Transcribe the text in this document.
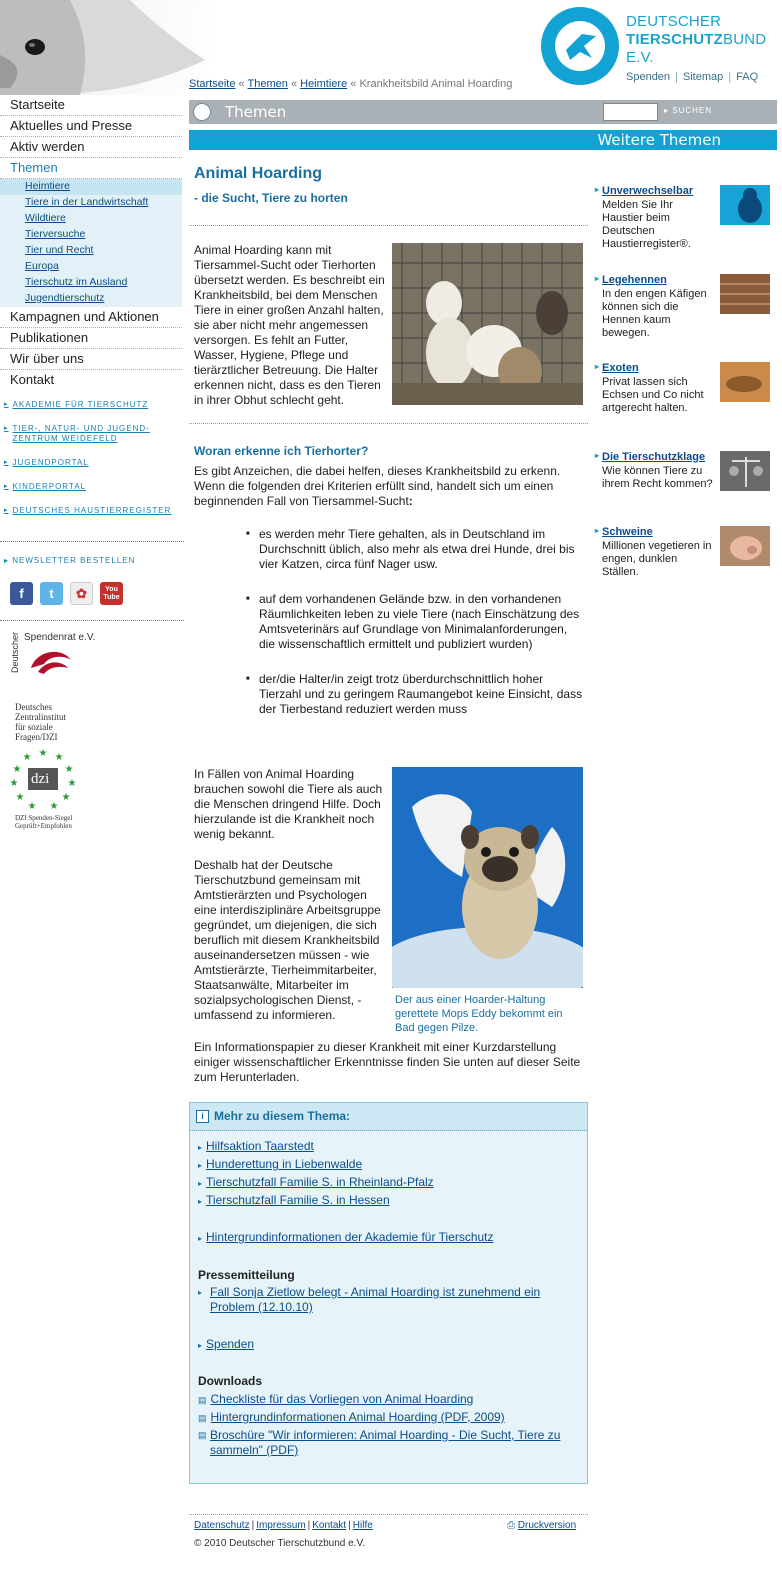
DEUTSCHER
TIERSCHUTZBUND E.V.
Spenden | Sitemap | FAQ
Startseite « Themen « Heimtiere « Krankheitsbild Animal Hoarding
Startseite
Aktuelles und Presse
Aktiv werden
Themen
Heimtiere
Tiere in der Landwirtschaft
Wildtiere
Tierversuche
Tier und Recht
Europa
Tierschutz im Ausland
Jugendtierschutz
Kampagnen und Aktionen
Publikationen
Wir über uns
Kontakt
▸ AKADEMIE FÜR TIERSCHUTZ
▸ TIER-, NATUR- UND JUGEND-ZENTRUM WEIDEFELD
▸ JUGENDPORTAL
▸ KINDERPORTAL
▸ DEUTSCHES HAUSTIERREGISTER
▸ NEWSLETTER BESTELLEN
f	t	✿	You Tube
Deutscher Spendenrat e.V.
Deutsches
Zentralinstitut
für soziale
Fragen/DZI
★ ★
★
★
★
★
★
★
★
★
★
dzi
DZI Spenden-Siegel
Geprüft+Empfohlen
Themen	▸ SUCHEN
Weitere Themen
Animal Hoarding
- die Sucht, Tiere zu horten
Animal Hoarding kann mit Tiersammel-Sucht oder Tierhorten übersetzt werden. Es beschreibt ein Krankheitsbild, bei dem Menschen Tiere in einer großen Anzahl halten, sie aber nicht mehr angemessen versorgen. Es fehlt an Futter, Wasser, Hygiene, Pflege und tierärztlicher Betreuung. Die Halter erkennen nicht, dass es den Tieren in ihrer Obhut schlecht geht.
Woran erkenne ich Tierhorter?
Es gibt Anzeichen, die dabei helfen, dieses Krankheitsbild zu erkenn. Wenn die folgenden drei Kriterien erfüllt sind, handelt sich um einen beginnenden Fall von Tiersammel-Sucht:
■ es werden mehr Tiere gehalten, als in Deutschland im Durchschnitt üblich, also mehr als etwa drei Hunde, drei bis vier Katzen, circa fünf Nager usw.
■ auf dem vorhandenen Gelände bzw. in den vorhandenen Räumlichkeiten leben zu viele Tiere (nach Einschätzung des Amtsveterinärs auf Grundlage von Minimalanforderungen, die wissenschaftlich ermittelt und publiziert wurden)
■ der/die Halter/in zeigt trotz überdurchschnittlich hoher Tierzahl und zu geringem Raumangebot keine Einsicht, dass der Tierbestand reduziert werden muss
In Fällen von Animal Hoarding brauchen sowohl die Tiere als auch die Menschen dringend Hilfe. Doch hierzulande ist die Krankheit noch wenig bekannt.
Deshalb hat der Deutsche Tierschutzbund gemeinsam mit Amtstierärzten und Psychologen eine interdisziplinäre Arbeitsgruppe gegründet, um diejenigen, die sich beruflich mit diesem Krankheitsbild auseinandersetzen müssen - wie Amtstierärzte, Tierheimmitarbeiter, Staatsanwälte, Mitarbeiter im sozialpsychologischen Dienst, - umfassend zu informieren.
Der aus einer Hoarder-Haltung gerettete Mops Eddy bekommt ein Bad gegen Pilze.
Ein Informationspapier zu dieser Krankheit mit einer Kurzdarstellung einiger wissenschaftlicher Erkenntnisse finden Sie unten auf dieser Seite zum Herunterladen.
i Mehr zu diesem Thema:
▸ Hilfsaktion Taarstedt
▸ Hunderettung in Liebenwalde
▸ Tierschutzfall Familie S. in Rheinland-Pfalz
▸ Tierschutzfall Familie S. in Hessen
▸ Hintergrundinformationen der Akademie für Tierschutz
Pressemitteilung
▸ Fall Sonja Zietlow belegt - Animal Hoarding ist zunehmend ein Problem (12.10.10)
▸ Spenden
Downloads
▤ Checkliste für das Vorliegen von Animal Hoarding
▤ Hintergrundinformationen Animal Hoarding (PDF, 2009)
▤ Broschüre "Wir informieren: Animal Hoarding - Die Sucht, Tiere zu sammeln" (PDF)
▸ Unverwechselbar
Melden Sie Ihr Haustier beim Deutschen Haustierregister®.
▸ Legehennen
In den engen Käfigen können sich die Hennen kaum bewegen.
▸ Exoten
Privat lassen sich Echsen und Co nicht artgerecht halten.
▸ Die Tierschutzklage
Wie können Tiere zu ihrem Recht kommen?
▸ Schweine
Millionen vegetieren in engen, dunklen Ställen.
Datenschutz | Impressum | Kontakt | Hilfe	⎙ Druckversion
© 2010 Deutscher Tierschutzbund e.V.
